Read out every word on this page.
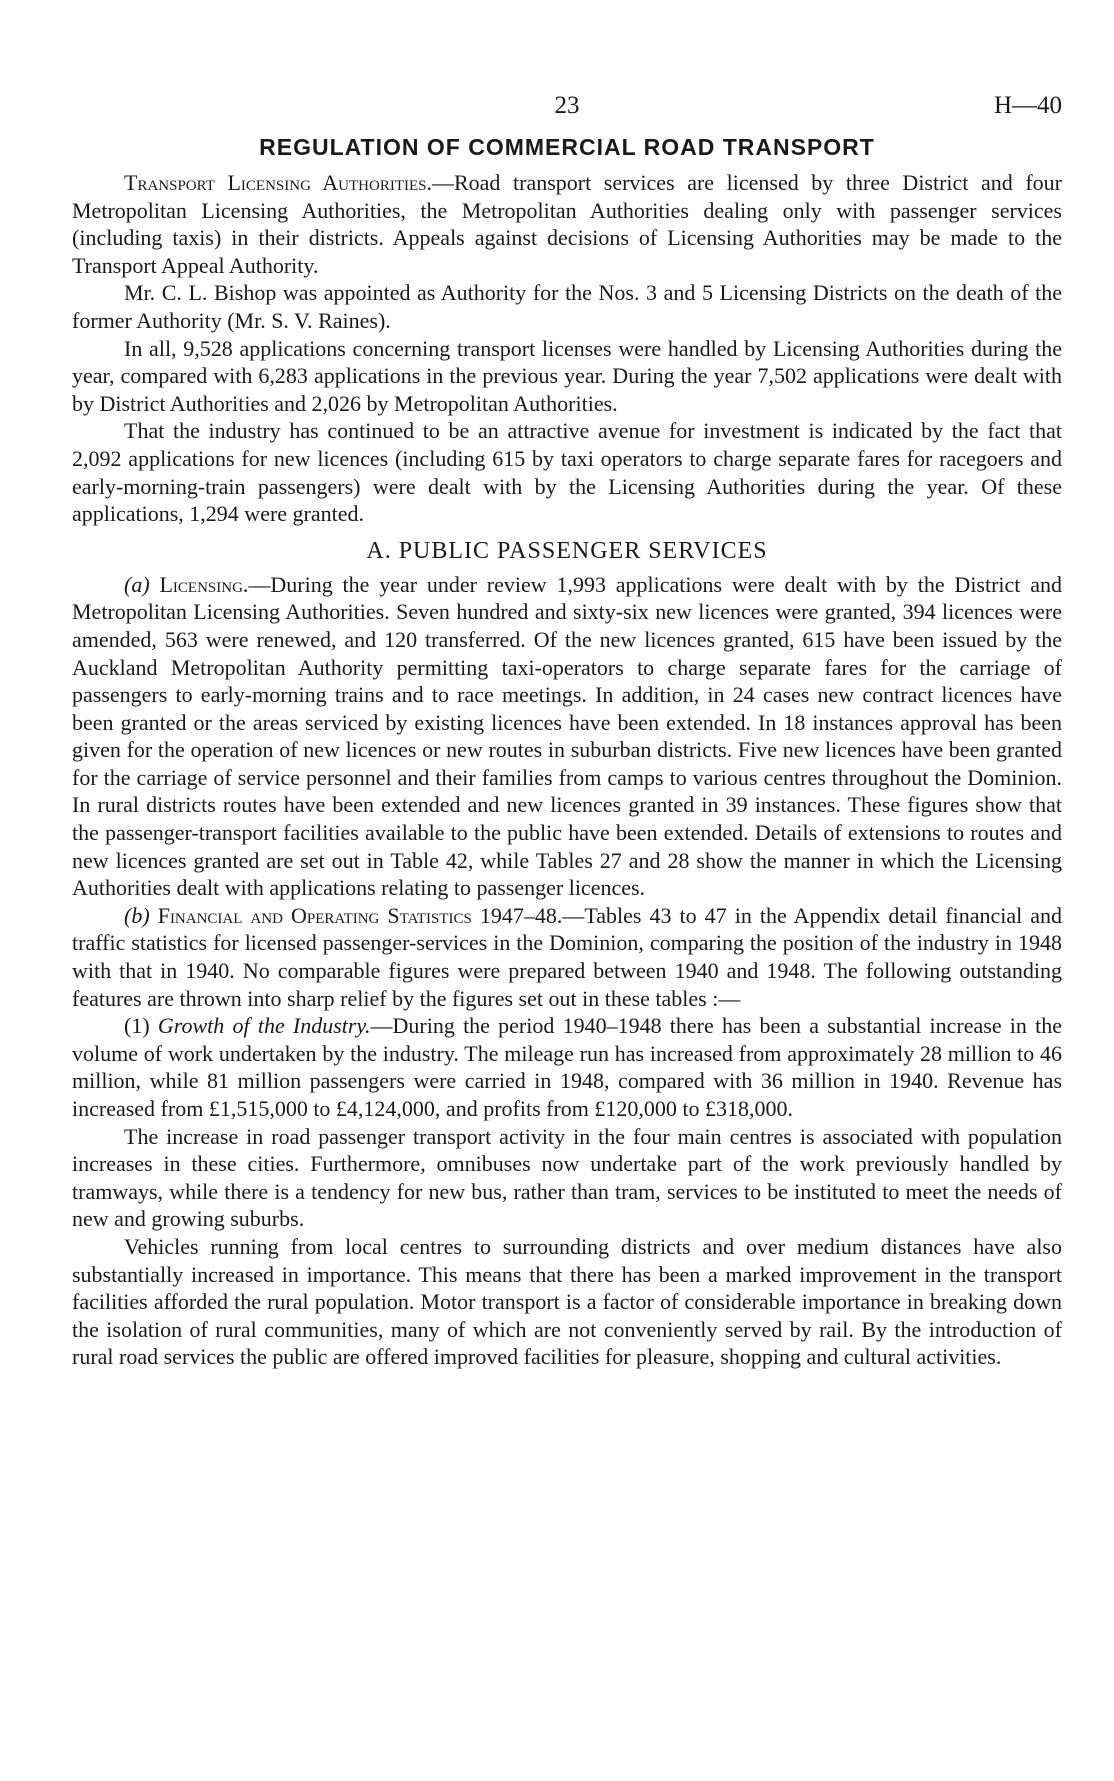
23	H—40
REGULATION OF COMMERCIAL ROAD TRANSPORT

Transport Licensing Authorities.—Road transport services are licensed by three District and four Metropolitan Licensing Authorities, the Metropolitan Authorities dealing only with passenger services (including taxis) in their districts. Appeals against decisions of Licensing Authorities may be made to the Transport Appeal Authority.

Mr. C. L. Bishop was appointed as Authority for the Nos. 3 and 5 Licensing Districts on the death of the former Authority (Mr. S. V. Raines).

In all, 9,528 applications concerning transport licenses were handled by Licensing Authorities during the year, compared with 6,283 applications in the previous year. During the year 7,502 applications were dealt with by District Authorities and 2,026 by Metropolitan Authorities.

That the industry has continued to be an attractive avenue for investment is indicated by the fact that 2,092 applications for new licences (including 615 by taxi operators to charge separate fares for racegoers and early-morning-train passengers) were dealt with by the Licensing Authorities during the year. Of these applications, 1,294 were granted.

A. PUBLIC PASSENGER SERVICES

(a) Licensing.—During the year under review 1,993 applications were dealt with by the District and Metropolitan Licensing Authorities. Seven hundred and sixty-six new licences were granted, 394 licences were amended, 563 were renewed, and 120 transferred. Of the new licences granted, 615 have been issued by the Auckland Metropolitan Authority permitting taxi-operators to charge separate fares for the carriage of passengers to early-morning trains and to race meetings. In addition, in 24 cases new contract licences have been granted or the areas serviced by existing licences have been extended. In 18 instances approval has been given for the operation of new licences or new routes in suburban districts. Five new licences have been granted for the carriage of service personnel and their families from camps to various centres throughout the Dominion. In rural districts routes have been extended and new licences granted in 39 instances. These figures show that the passenger-transport facilities available to the public have been extended. Details of extensions to routes and new licences granted are set out in Table 42, while Tables 27 and 28 show the manner in which the Licensing Authorities dealt with applications relating to passenger licences.

(b) Financial and Operating Statistics 1947–48.—Tables 43 to 47 in the Appendix detail financial and traffic statistics for licensed passenger-services in the Dominion, comparing the position of the industry in 1948 with that in 1940. No comparable figures were prepared between 1940 and 1948. The following outstanding features are thrown into sharp relief by the figures set out in these tables :—

(1) Growth of the Industry.—During the period 1940–1948 there has been a substantial increase in the volume of work undertaken by the industry. The mileage run has increased from approximately 28 million to 46 million, while 81 million passengers were carried in 1948, compared with 36 million in 1940. Revenue has increased from £1,515,000 to £4,124,000, and profits from £120,000 to £318,000.

The increase in road passenger transport activity in the four main centres is associated with population increases in these cities. Furthermore, omnibuses now undertake part of the work previously handled by tramways, while there is a tendency for new bus, rather than tram, services to be instituted to meet the needs of new and growing suburbs.

Vehicles running from local centres to surrounding districts and over medium distances have also substantially increased in importance. This means that there has been a marked improvement in the transport facilities afforded the rural population. Motor transport is a factor of considerable importance in breaking down the isolation of rural communities, many of which are not conveniently served by rail. By the introduction of rural road services the public are offered improved facilities for pleasure, shopping and cultural activities.
